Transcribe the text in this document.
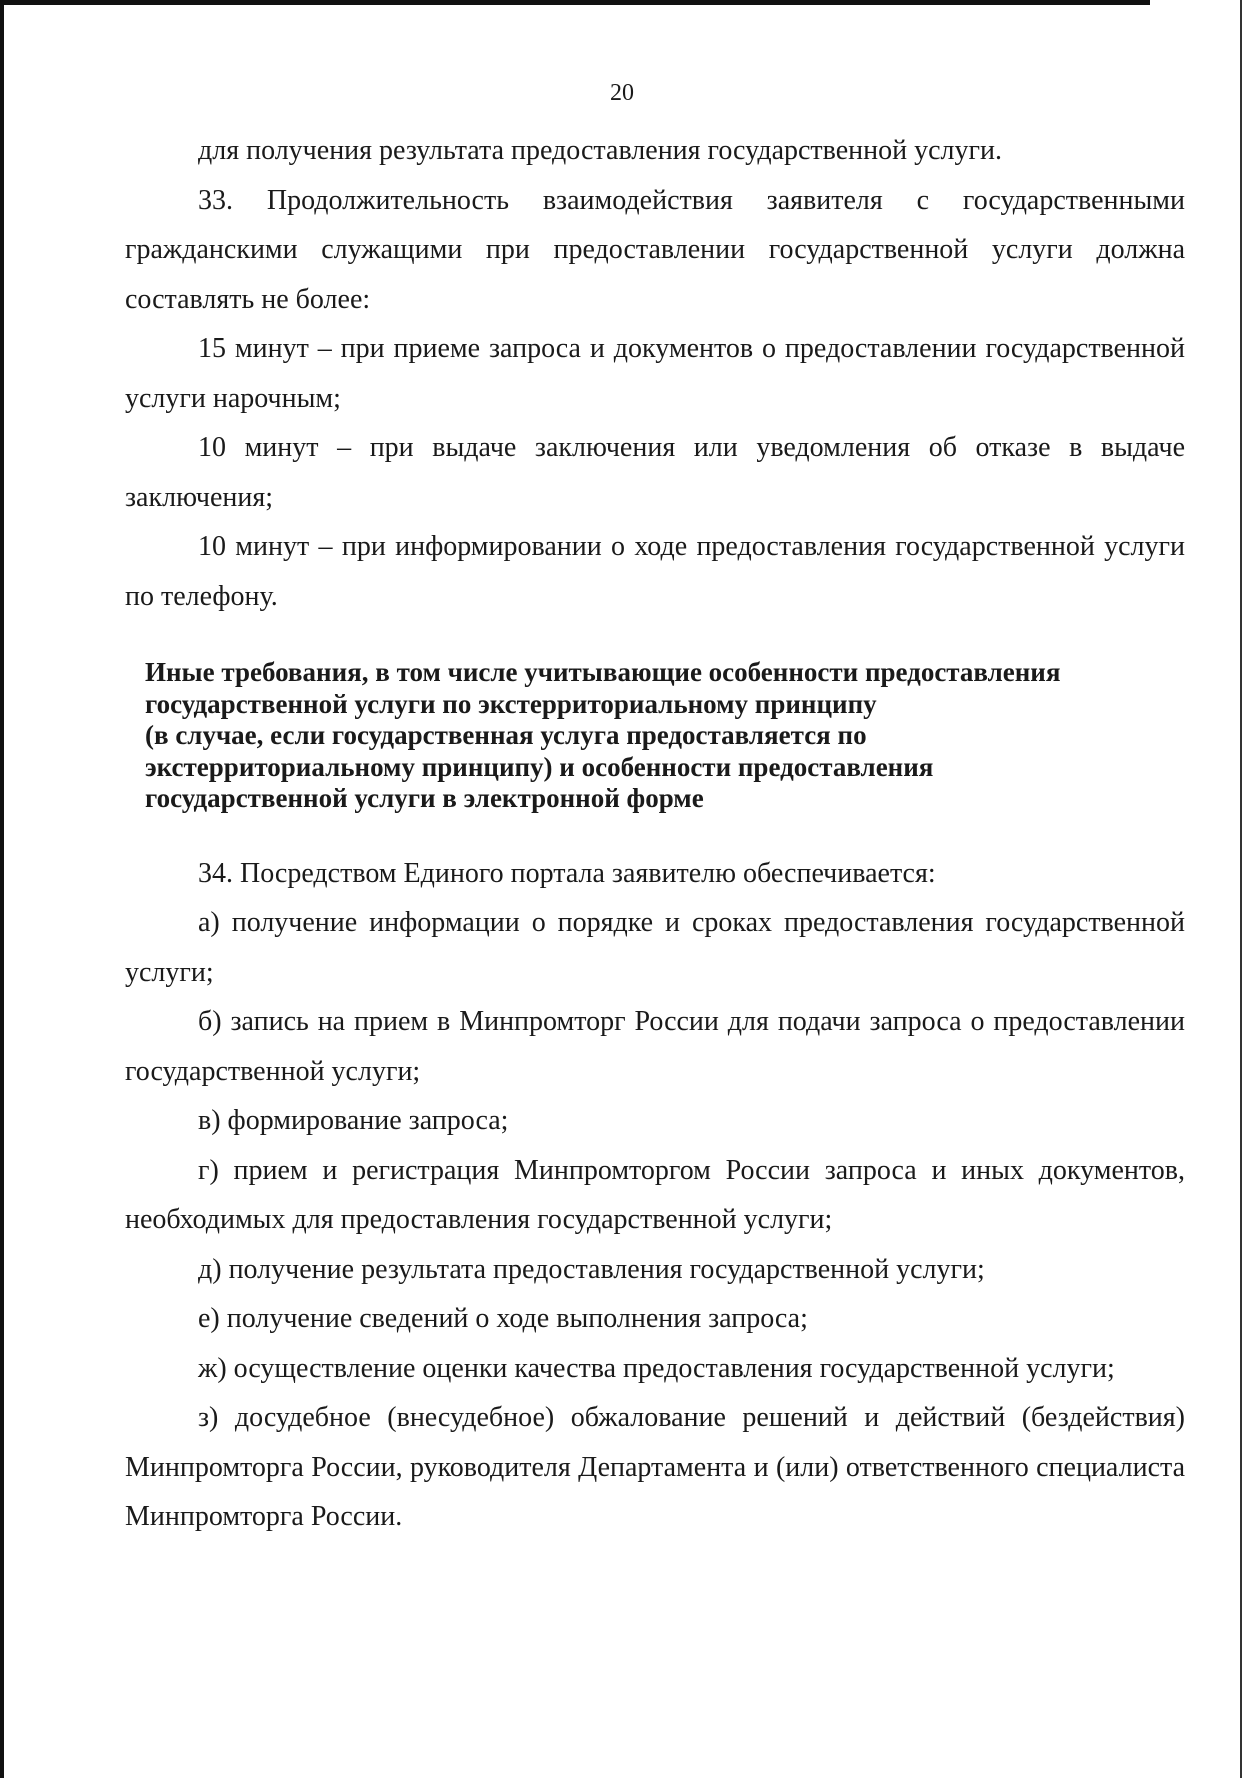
20

для получения результата предоставления государственной услуги.

33. Продолжительность взаимодействия заявителя с государственными гражданскими служащими при предоставлении государственной услуги должна составлять не более:

15 минут – при приеме запроса и документов о предоставлении государственной услуги нарочным;

10 минут – при выдаче заключения или уведомления об отказе в выдаче заключения;

10 минут – при информировании о ходе предоставления государственной услуги по телефону.

Иные требования, в том числе учитывающие особенности предоставления
государственной услуги по экстерриториальному принципу
(в случае, если государственная услуга предоставляется по
экстерриториальному принципу) и особенности предоставления
государственной услуги в электронной форме

34. Посредством Единого портала заявителю обеспечивается:

а) получение информации о порядке и сроках предоставления государственной услуги;

б) запись на прием в Минпромторг России для подачи запроса о предоставлении государственной услуги;

в) формирование запроса;

г) прием и регистрация Минпромторгом России запроса и иных документов, необходимых для предоставления государственной услуги;

д) получение результата предоставления государственной услуги;

е) получение сведений о ходе выполнения запроса;

ж) осуществление оценки качества предоставления государственной услуги;

з) досудебное (внесудебное) обжалование решений и действий (бездействия) Минпромторга России, руководителя Департамента и (или) ответственного специалиста Минпромторга России.
